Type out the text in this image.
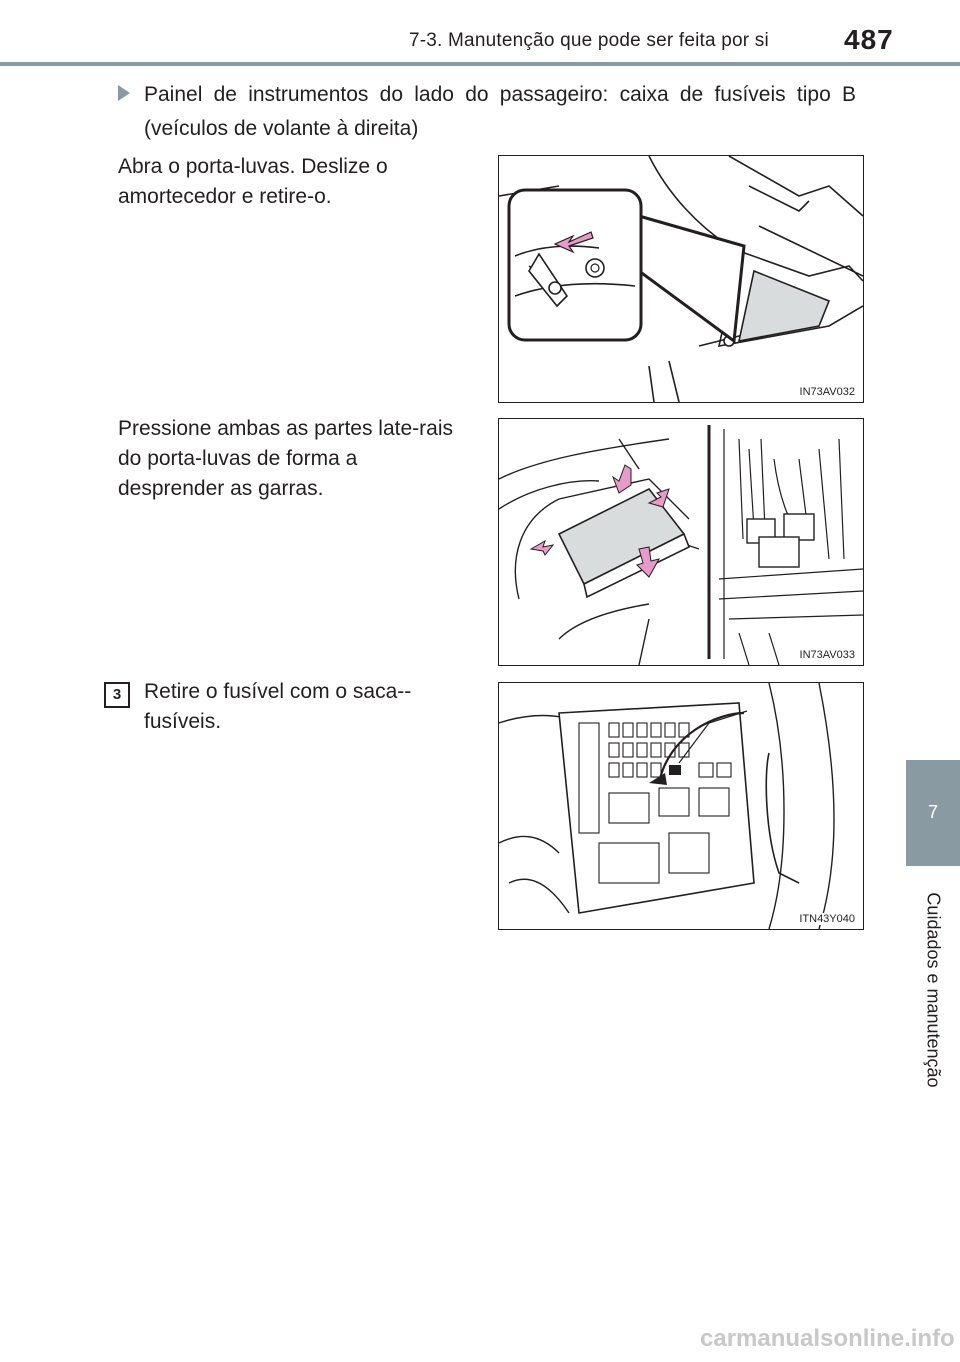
7-3. Manutenção que pode ser feita por si	487
7
Cuidados e manutenção
Painel de instrumentos do lado do passageiro: caixa de fusíveis tipo B (veículos de volante à direita)
Abra o porta-luvas. Deslize o amortecedor e retire-o.
IN73AV032
Pressione ambas as partes late-rais do porta-luvas de forma a desprender as garras.
IN73AV033
3	Retire o fusível com o saca--fusíveis.
ITN43Y040
carmanualsonline.info
